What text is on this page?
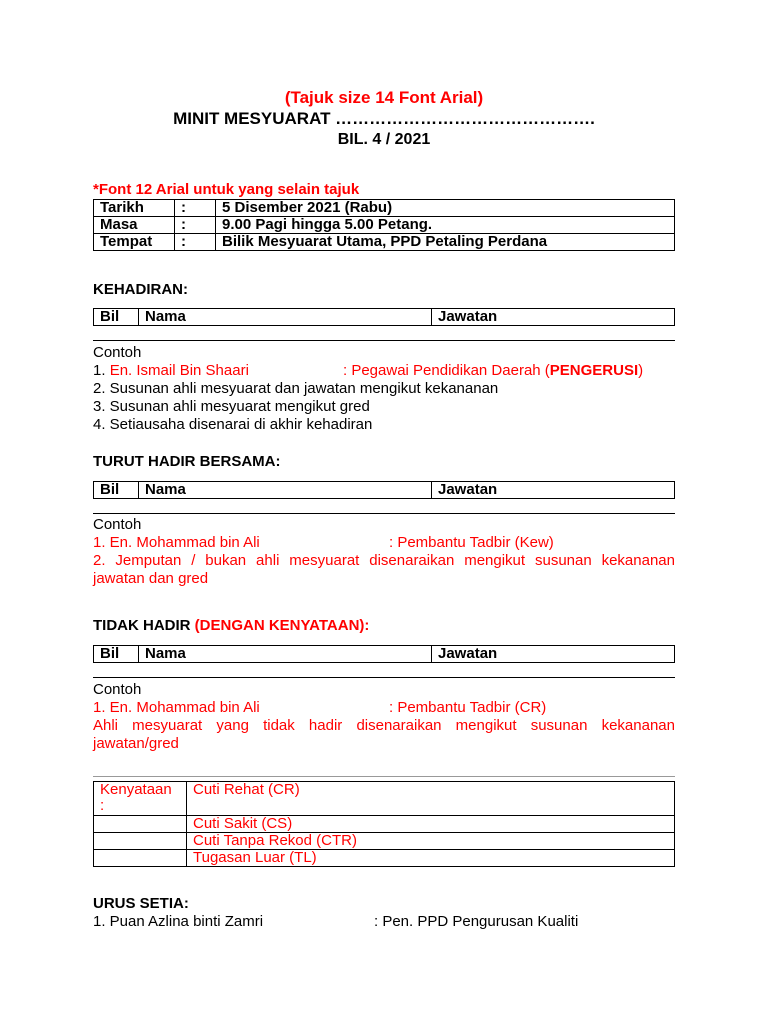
(Tajuk size 14 Font Arial)
MINIT MESYUARAT ……………………………………….
BIL. 4 / 2021
*Font 12 Arial untuk yang selain tajuk
Tarikh	:	5 Disember 2021 (Rabu)
Masa	:	9.00 Pagi hingga 5.00 Petang.
Tempat	:	Bilik Mesyuarat Utama, PPD Petaling Perdana
KEHADIRAN:
Bil	Nama	Jawatan
Contoh
1. En. Ismail Bin Shaari	: Pegawai Pendidikan Daerah (PENGERUSI)
2. Susunan ahli mesyuarat dan jawatan mengikut kekananan
3. Susunan ahli mesyuarat mengikut gred
4. Setiausaha disenarai di akhir kehadiran
TURUT HADIR BERSAMA:
Bil	Nama	Jawatan
Contoh
1. En. Mohammad bin Ali	: Pembantu Tadbir (Kew)
2. Jemputan / bukan ahli mesyuarat disenaraikan mengikut susunan kekananan jawatan dan gred
TIDAK HADIR (DENGAN KENYATAAN):
Bil	Nama	Jawatan
Contoh
1. En. Mohammad bin Ali	: Pembantu Tadbir (CR)
Ahli mesyuarat yang tidak hadir disenaraikan mengikut susunan kekananan jawatan/gred
Kenyataan :	Cuti Rehat (CR)
	Cuti Sakit (CS)
	Cuti Tanpa Rekod (CTR)
	Tugasan Luar (TL)
URUS SETIA:
1. Puan Azlina binti Zamri	: Pen. PPD Pengurusan Kualiti
